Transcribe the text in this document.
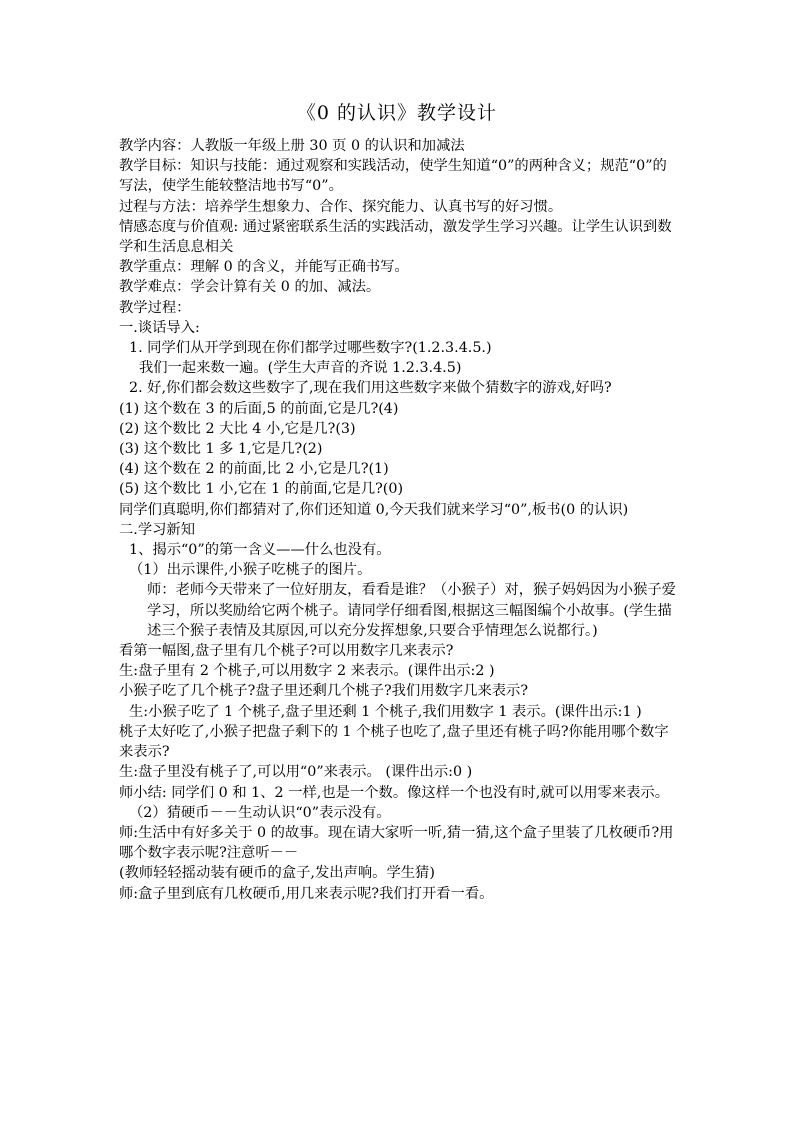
《0 的认识》教学设计

教学内容：人教版一年级上册 30 页 0 的认识和加减法

教学目标：知识与技能：通过观察和实践活动，使学生知道“0”的两种含义；规范“0”的写法，使学生能较整洁地书写“0”。

过程与方法：培养学生想象力、合作、探究能力、认真书写的好习惯。

情感态度与价值观: 通过紧密联系生活的实践活动，激发学生学习兴趣。让学生认识到数学和生活息息相关

教学重点：理解 0 的含义，并能写正确书写。

教学难点：学会计算有关 0 的加、减法。

教学过程：

一.谈话导入:

1. 同学们从开学到现在你们都学过哪些数字?(1.2.3.4.5.)

我们一起来数一遍。(学生大声音的齐说 1.2.3.4.5)

2. 好,你们都会数这些数字了,现在我们用这些数字来做个猜数字的游戏,好吗?

(1) 这个数在 3 的后面,5 的前面,它是几?(4)

(2) 这个数比 2 大比 4 小,它是几?(3)

(3) 这个数比 1 多 1,它是几?(2)

(4) 这个数在 2 的前面,比 2 小,它是几?(1)

(5) 这个数比 1 小,它在 1 的前面,它是几?(0)

同学们真聪明,你们都猜对了,你们还知道 0,今天我们就来学习“0”,板书(0 的认识)

二.学习新知

1、揭示“0”的第一含义——什么也没有。

（1）出示课件,小猴子吃桃子的图片。

师：老师今天带来了一位好朋友，看看是谁？（小猴子）对，猴子妈妈因为小猴子爱学习，所以奖励给它两个桃子。请同学仔细看图,根据这三幅图编个小故事。(学生描述三个猴子表情及其原因,可以充分发挥想象,只要合乎情理怎么说都行。)

看第一幅图,盘子里有几个桃子?可以用数字几来表示?

生:盘子里有 2 个桃子,可以用数字 2 来表示。(课件出示:2 )

小猴子吃了几个桃子?盘子里还剩几个桃子?我们用数字几来表示?

生:小猴子吃了 1 个桃子,盘子里还剩 1 个桃子,我们用数字 1 表示。(课件出示:1 )

桃子太好吃了,小猴子把盘子剩下的 1 个桃子也吃了,盘子里还有桃子吗?你能用哪个数字来表示?

生:盘子里没有桃子了,可以用“0”来表示。 (课件出示:0 )

师小结: 同学们 0 和 1、2 一样,也是一个数。像这样一个也没有时,就可以用零来表示。

（2）猜硬币－－生动认识“0”表示没有。

师:生活中有好多关于 0 的故事。现在请大家听一听,猜一猜,这个盒子里装了几枚硬币?用哪个数字表示呢?注意听－－

(教师轻轻摇动装有硬币的盒子,发出声响。学生猜)

师:盒子里到底有几枚硬币,用几来表示呢?我们打开看一看。
